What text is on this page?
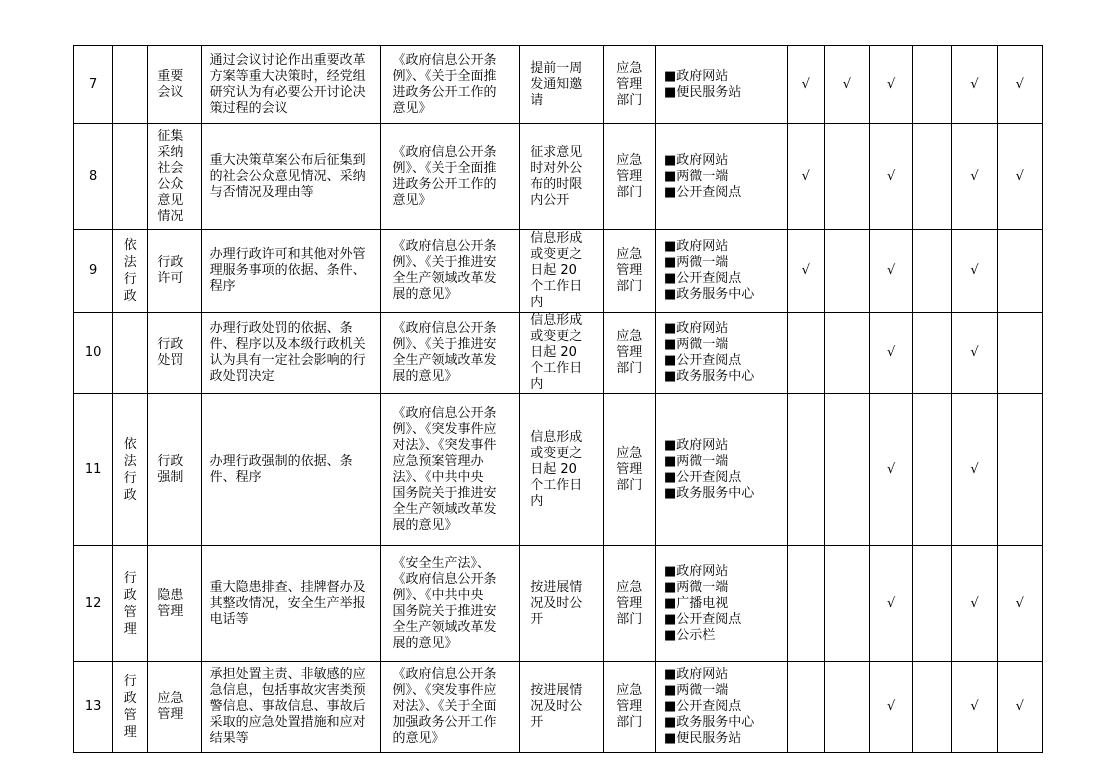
7		重要会议	通过会议讨论作出重要改革方案等重大决策时，经党组研究认为有必要公开讨论决策过程的会议	《政府信息公开条例》、《关于全面推进政务公开工作的意见》	提前一周发通知邀请	应急管理部门	■政府网站
■便民服务站	√	√	√		√	√

8		征集采纳社会公众意见情况	重大决策草案公布后征集到的社会公众意见情况、采纳与否情况及理由等	《政府信息公开条例》、《关于全面推进政务公开工作的意见》	征求意见时对外公布的时限内公开	应急管理部门	■政府网站
■两微一端
■公开查阅点	√		√		√	√

9	依法行政	行政许可	办理行政许可和其他对外管理服务事项的依据、条件、程序	《政府信息公开条例》、《关于推进安全生产领域改革发展的意见》	信息形成或变更之日起 20 个工作日内	应急管理部门	■政府网站
■两微一端
■公开查阅点
■政务服务中心	√		√		√	

10		行政处罚	办理行政处罚的依据、条件、程序以及本级行政机关认为具有一定社会影响的行政处罚决定	《政府信息公开条例》、《关于推进安全生产领域改革发展的意见》	信息形成或变更之日起 20 个工作日内	应急管理部门	■政府网站
■两微一端
■公开查阅点
■政务服务中心			√		√	

11	依法行政	行政强制	办理行政强制的依据、条件、程序	《政府信息公开条例》、《突发事件应对法》、《突发事件应急预案管理办法》、《中共中央 国务院关于推进安全生产领域改革发展的意见》	信息形成或变更之日起 20 个工作日内	应急管理部门	■政府网站
■两微一端
■公开查阅点
■政务服务中心			√		√	

12	行政管理	隐患管理	重大隐患排查、挂牌督办及其整改情况，安全生产举报电话等	《安全生产法》、《政府信息公开条例》、《中共中央 国务院关于推进安全生产领域改革发展的意见》	按进展情况及时公开	应急管理部门	■政府网站
■两微一端
■广播电视
■公开查阅点
■公示栏			√		√	√

13	行政管理	应急管理	承担处置主责、非敏感的应急信息，包括事故灾害类预警信息、事故信息、事故后采取的应急处置措施和应对结果等	《政府信息公开条例》、《突发事件应对法》、《关于全面加强政务公开工作的意见》	按进展情况及时公开	应急管理部门	■政府网站
■两微一端
■公开查阅点
■政务服务中心
■便民服务站			√		√	√
